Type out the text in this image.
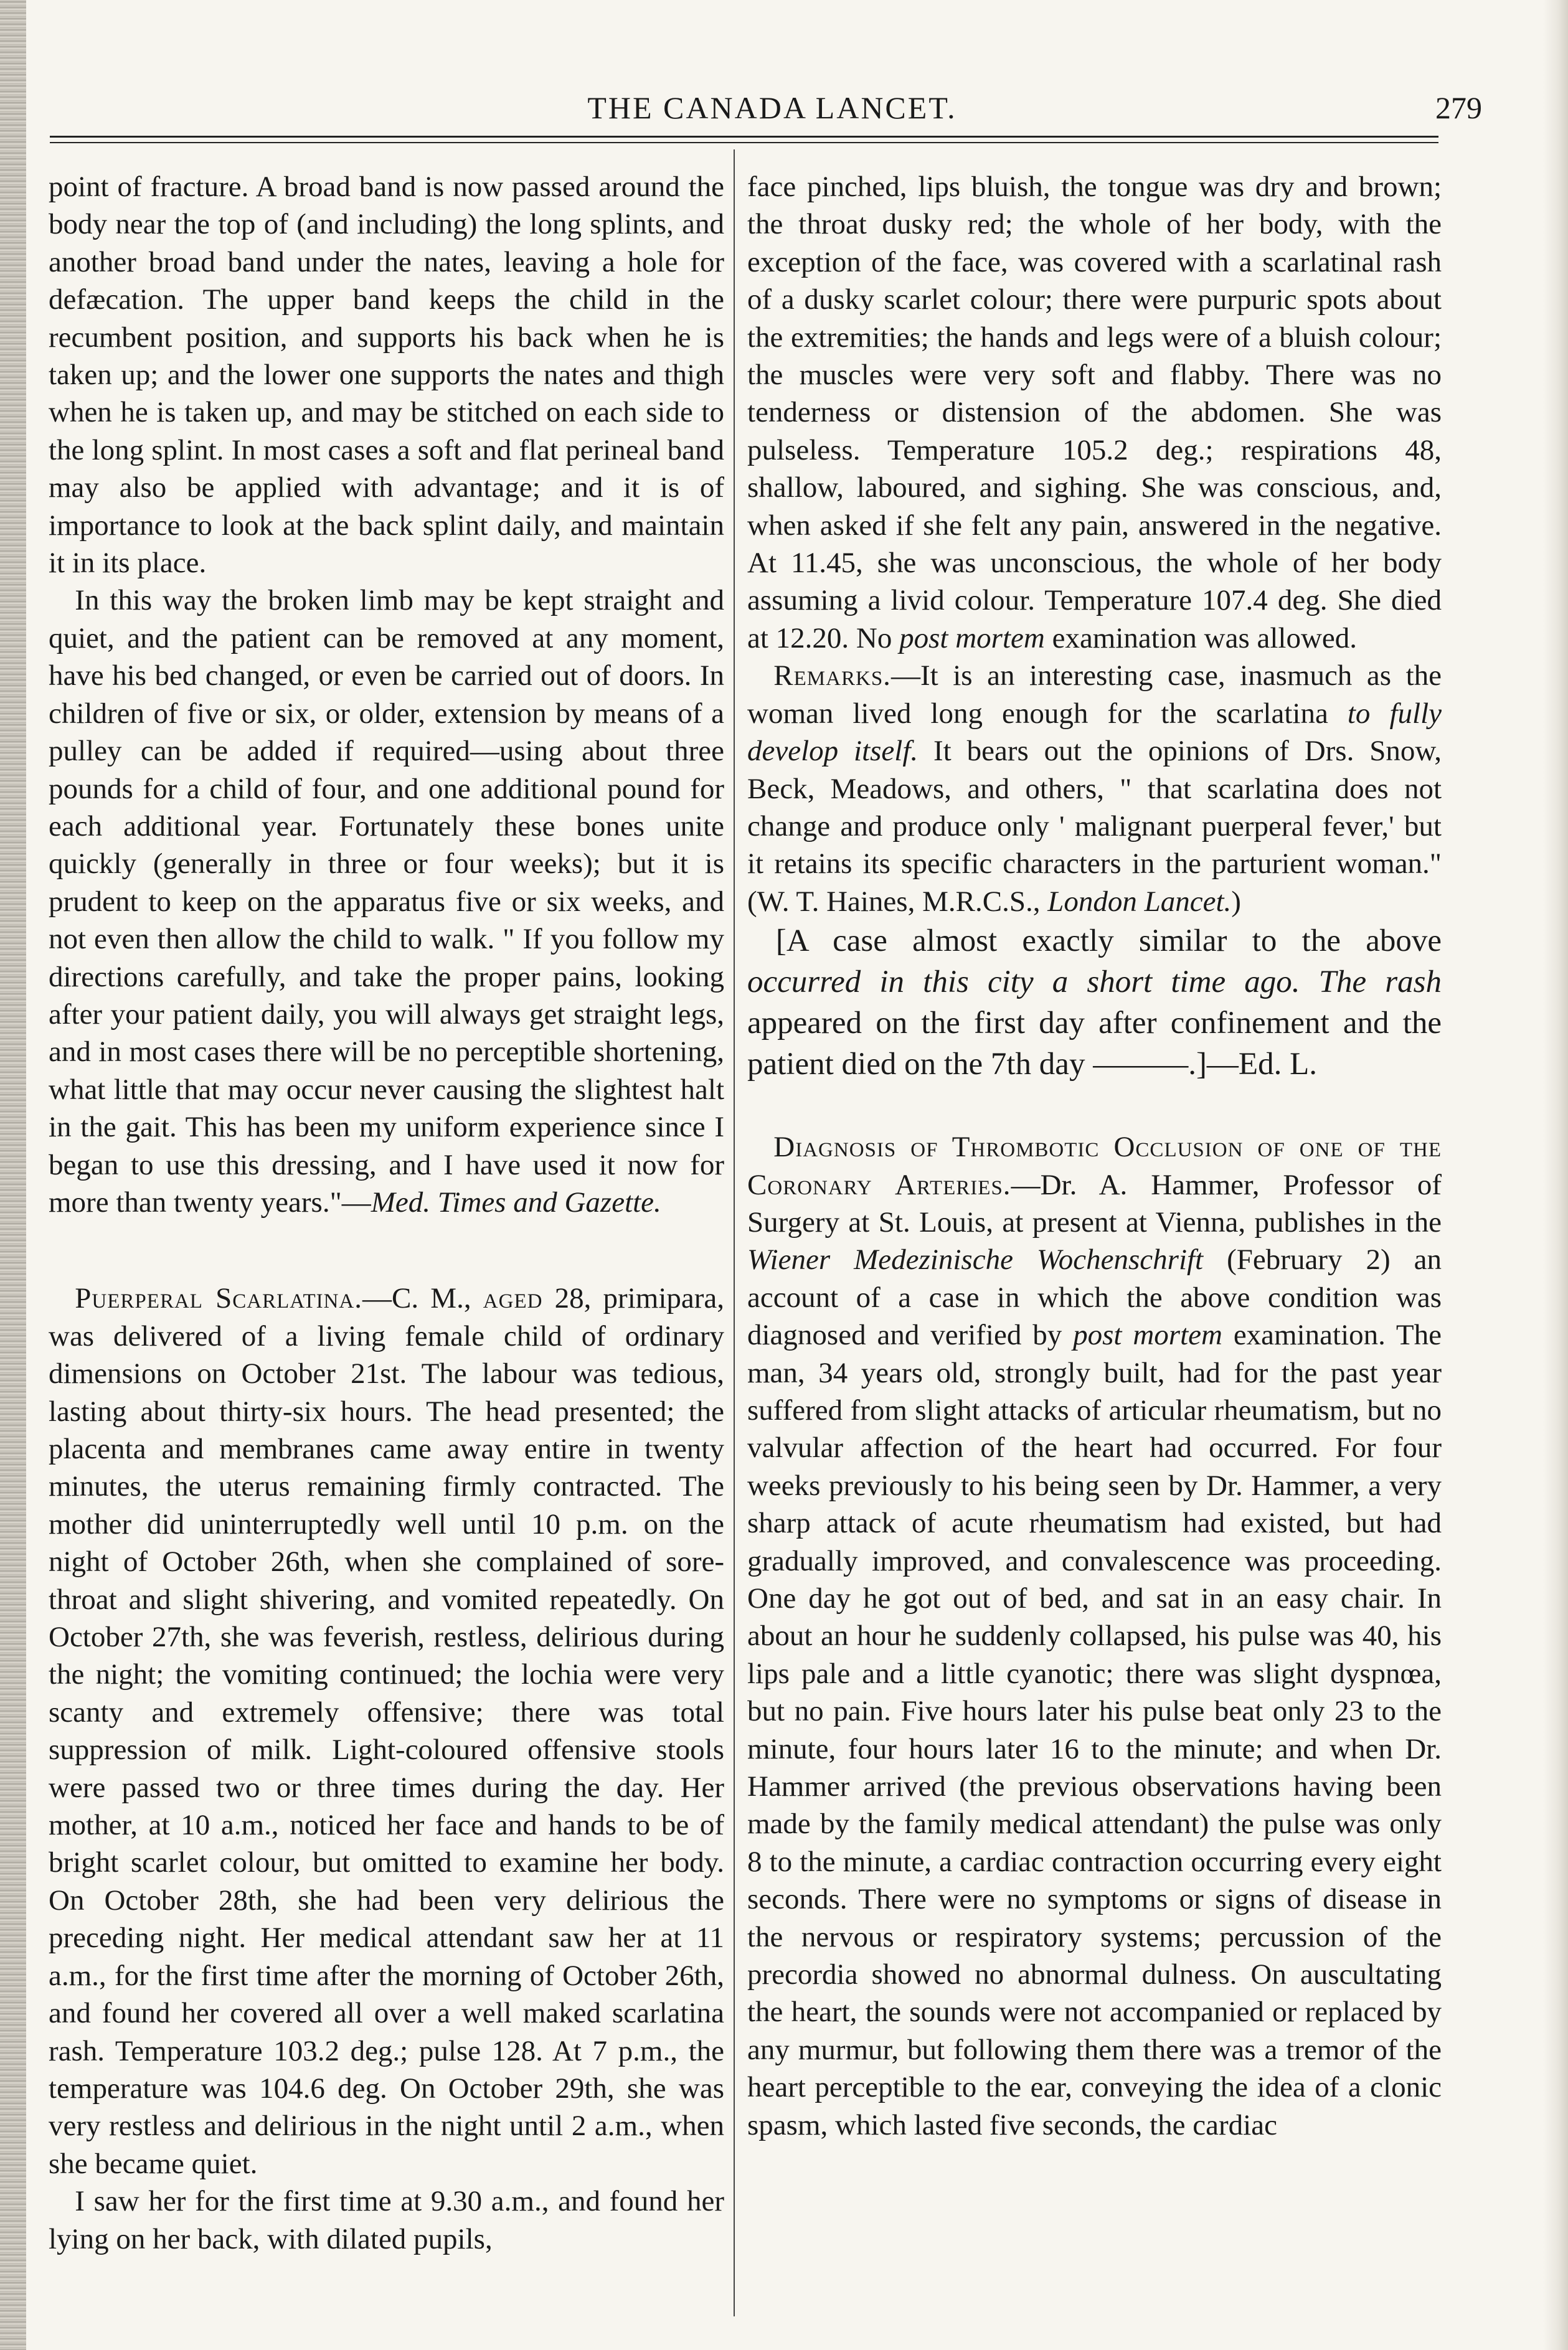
THE CANADA LANCET.	279

point of fracture. A broad band is now passed around the body near the top of (and including) the long splints, and another broad band under the nates, leaving a hole for defæcation. The upper band keeps the child in the recumbent position, and supports his back when he is taken up; and the lower one supports the nates and thigh when he is taken up, and may be stitched on each side to the long splint. In most cases a soft and flat perineal band may also be applied with advantage; and it is of importance to look at the back splint daily, and maintain it in its place.

In this way the broken limb may be kept straight and quiet, and the patient can be removed at any moment, have his bed changed, or even be carried out of doors. In children of five or six, or older, extension by means of a pulley can be added if required—using about three pounds for a child of four, and one additional pound for each additional year. Fortunately these bones unite quickly (generally in three or four weeks); but it is prudent to keep on the apparatus five or six weeks, and not even then allow the child to walk. " If you follow my directions carefully, and take the proper pains, looking after your patient daily, you will always get straight legs, and in most cases there will be no perceptible shortening, what little that may occur never causing the slightest halt in the gait. This has been my uniform experience since I began to use this dressing, and I have used it now for more than twenty years."—Med. Times and Gazette.

Puerperal Scarlatina.—C. M., aged 28, primipara, was delivered of a living female child of ordinary dimensions on October 21st. The labour was tedious, lasting about thirty-six hours. The head presented; the placenta and membranes came away entire in twenty minutes, the uterus remaining firmly contracted. The mother did uninterruptedly well until 10 p.m. on the night of October 26th, when she complained of sore-throat and slight shivering, and vomited repeatedly. On October 27th, she was feverish, restless, delirious during the night; the vomiting continued; the lochia were very scanty and extremely offensive; there was total suppression of milk. Light-coloured offensive stools were passed two or three times during the day. Her mother, at 10 a.m., noticed her face and hands to be of bright scarlet colour, but omitted to examine her body. On October 28th, she had been very delirious the preceding night. Her medical attendant saw her at 11 a.m., for the first time after the morning of October 26th, and found her covered all over a well maked scarlatina rash. Temperature 103.2 deg.; pulse 128. At 7 p.m., the temperature was 104.6 deg. On October 29th, she was very restless and delirious in the night until 2 a.m., when she became quiet.

I saw her for the first time at 9.30 a.m., and found her lying on her back, with dilated pupils,

face pinched, lips bluish, the tongue was dry and brown; the throat dusky red; the whole of her body, with the exception of the face, was covered with a scarlatinal rash of a dusky scarlet colour; there were purpuric spots about the extremities; the hands and legs were of a bluish colour; the muscles were very soft and flabby. There was no tenderness or distension of the abdomen. She was pulseless. Temperature 105.2 deg.; respirations 48, shallow, laboured, and sighing. She was conscious, and, when asked if she felt any pain, answered in the negative. At 11.45, she was unconscious, the whole of her body assuming a livid colour. Temperature 107.4 deg. She died at 12.20. No post mortem examination was allowed.

Remarks.—It is an interesting case, inasmuch as the woman lived long enough for the scarlatina to fully develop itself. It bears out the opinions of Drs. Snow, Beck, Meadows, and others, " that scarlatina does not change and produce only ' malignant puerperal fever,' but it retains its specific characters in the parturient woman." (W. T. Haines, M.R.C.S., London Lancet.)

[A case almost exactly similar to the above occurred in this city a short time ago. The rash appeared on the first day after confinement and the patient died on the 7th day ———.]—Ed. L.

Diagnosis of Thrombotic Occlusion of one of the Coronary Arteries.—Dr. A. Hammer, Professor of Surgery at St. Louis, at present at Vienna, publishes in the Wiener Medezinische Wochenschrift (February 2) an account of a case in which the above condition was diagnosed and verified by post mortem examination. The man, 34 years old, strongly built, had for the past year suffered from slight attacks of articular rheumatism, but no valvular affection of the heart had occurred. For four weeks previously to his being seen by Dr. Hammer, a very sharp attack of acute rheumatism had existed, but had gradually improved, and convalescence was proceeding. One day he got out of bed, and sat in an easy chair. In about an hour he suddenly collapsed, his pulse was 40, his lips pale and a little cyanotic; there was slight dyspnœa, but no pain. Five hours later his pulse beat only 23 to the minute, four hours later 16 to the minute; and when Dr. Hammer arrived (the previous observations having been made by the family medical attendant) the pulse was only 8 to the minute, a cardiac contraction occurring every eight seconds. There were no symptoms or signs of disease in the nervous or respiratory systems; percussion of the precordia showed no abnormal dulness. On auscultating the heart, the sounds were not accompanied or replaced by any murmur, but following them there was a tremor of the heart perceptible to the ear, conveying the idea of a clonic spasm, which lasted five seconds, the cardiac
